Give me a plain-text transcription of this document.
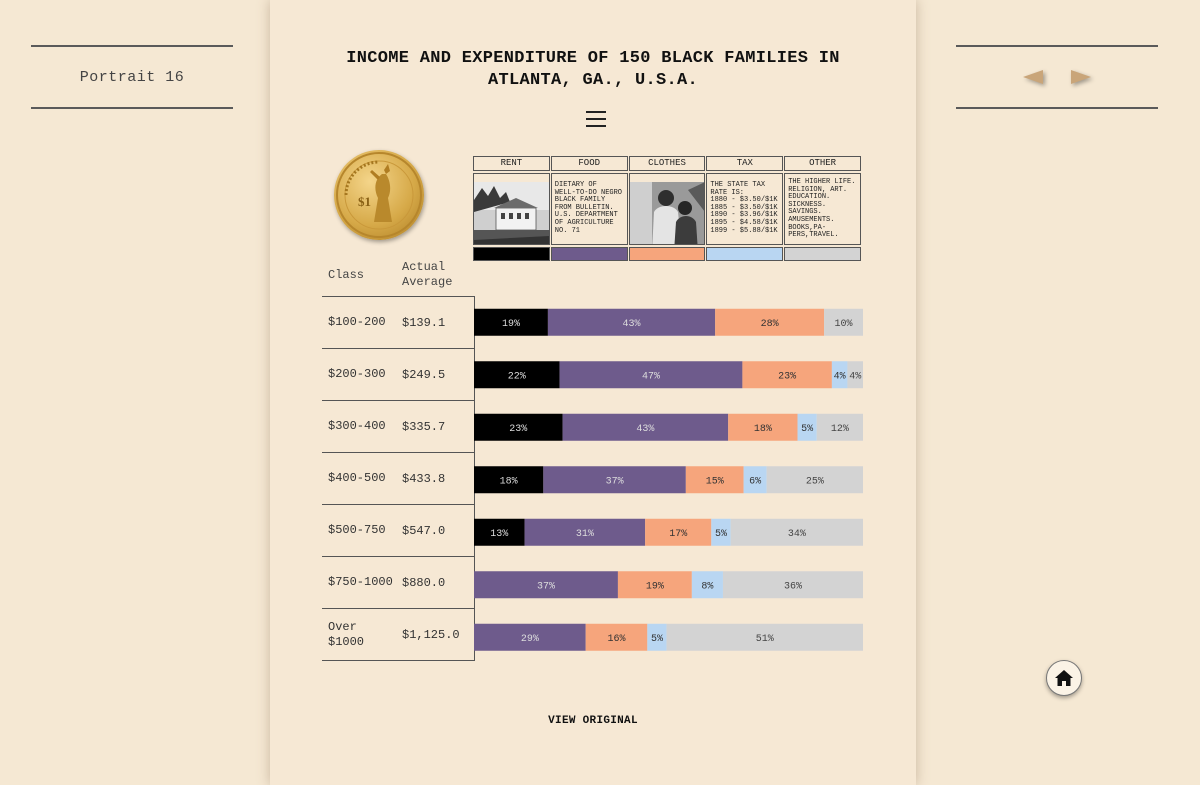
Portrait 16
INCOME AND EXPENDITURE OF 150 BLACK FAMILIES IN
ATLANTA, GA., U.S.A.
$1
RENT	FOOD	CLOTHES	TAX	OTHER

DIETARY OF
WELL-TO-DO NEGRO
BLACK FAMILY
FROM BULLETIN.
U.S. DEPARTMENT
OF AGRICULTURE
NO. 71

THE STATE TAX
RATE IS:
1880 - $3.50/$1K
1885 - $3.50/$1K
1890 - $3.96/$1K
1895 - $4.58/$1K
1899 - $5.88/$1K
THE HIGHER LIFE.
RELIGION, ART.
EDUCATION.
SICKNESS.
SAVINGS.
AMUSEMENTS.
BOOKS,PA-
PERS,TRAVEL.
Class
Actual Average
$100-200	$139.1
$200-300	$249.5
$300-400	$335.7
$400-500	$433.8
$500-750	$547.0
$750-1000 $880.0
Over $1000	$1,125.0
19%	43%	28%	10%
22%	47%	23%	4% 4%
23%	43%	18%	5% 12%
18%	37%	15%	6%	25%
13%	31%	17%	5%	34%
37%	19%	8%	36%
29%	16%	5%	51%
VIEW ORIGINAL
